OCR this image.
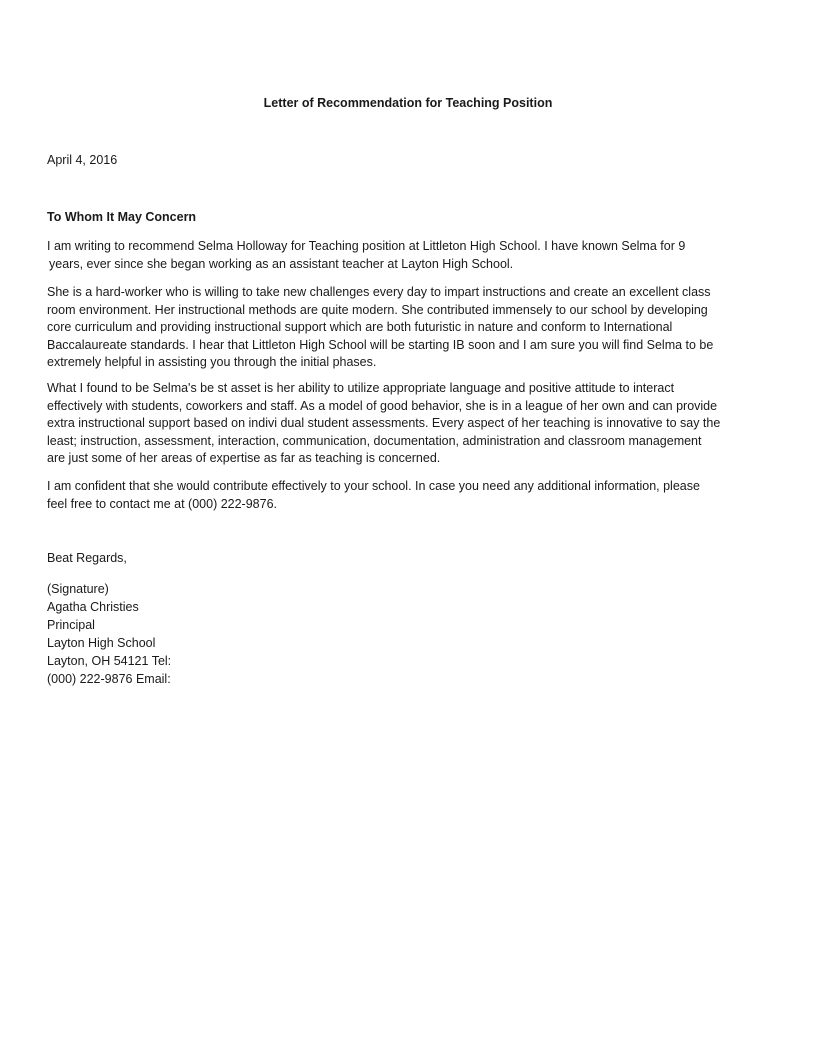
Letter of Recommendation for Teaching Position
April 4, 2016
To Whom It May Concern
I am writing to recommend Selma Holloway for Teaching position at Littleton High School. I have known Selma for 9
years, ever since she began working as an assistant teacher at Layton High School.
She is a hard-worker who is willing to take new challenges every day to impart instructions and create an excellent class
room environment. Her instructional methods are quite modern. She contributed immensely to our school by developing
core curriculum and providing instructional support which are both futuristic in nature and conform to International
Baccalaureate standards. I hear that Littleton High School will be starting IB soon and I am sure you will find Selma to be
extremely helpful in assisting you through the initial phases.
What I found to be Selma's be st asset is her ability to utilize appropriate language and positive attitude to interact
effectively with students, coworkers and staff. As a model of good behavior, she is in a league of her own and can provide
extra instructional support based on indivi dual student assessments. Every aspect of her teaching is innovative to say the
least; instruction, assessment, interaction, communication, documentation, administration and classroom management
are just some of her areas of expertise as far as teaching is concerned.
I am confident that she would contribute effectively to your school. In case you need any additional information, please
feel free to contact me at (000) 222-9876.
Beat Regards,
(Signature)
Agatha Christies
Principal
Layton High School
Layton, OH 54121 Tel:
(000) 222-9876 Email:
